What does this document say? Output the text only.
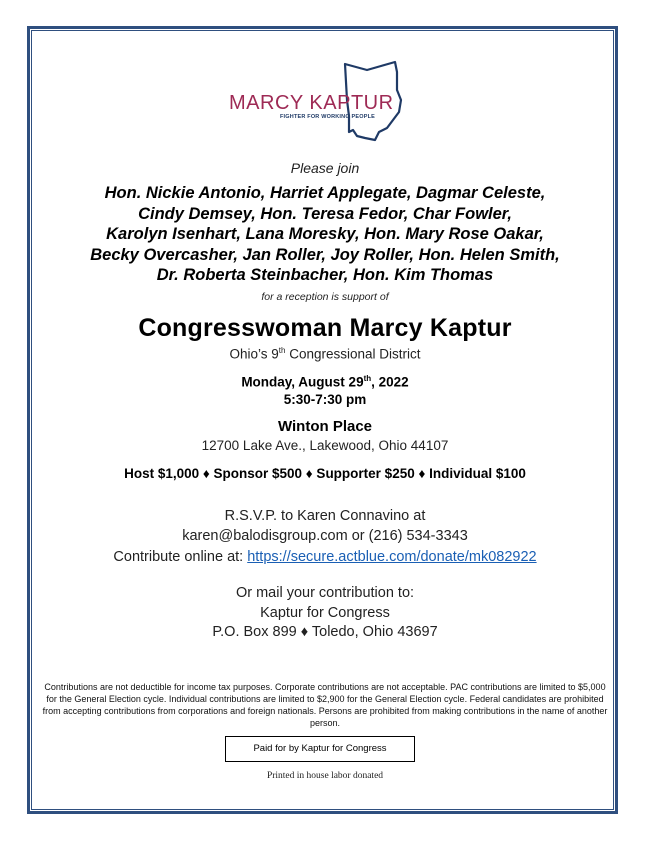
MARCY KAPTUR

FIGHTER FOR WORKING PEOPLE

Please join

Hon. Nickie Antonio, Harriet Applegate, Dagmar Celeste,
Cindy Demsey, Hon. Teresa Fedor, Char Fowler,
Karolyn Isenhart, Lana Moresky, Hon. Mary Rose Oakar,
Becky Overcasher, Jan Roller, Joy Roller, Hon. Helen Smith,
Dr. Roberta Steinbacher, Hon. Kim Thomas

for a reception is support of

Congresswoman Marcy Kaptur

Ohio’s 9th Congressional District

Monday, August 29th, 2022
5:30-7:30 pm

Winton Place

12700 Lake Ave., Lakewood, Ohio 44107

Host $1,000 ♦ Sponsor $500 ♦ Supporter $250 ♦ Individual $100

R.S.V.P. to Karen Connavino at
karen@balodisgroup.com or (216) 534-3343

Contribute online at: https://secure.actblue.com/donate/mk082922

Or mail your contribution to:
Kaptur for Congress
P.O. Box 899 ♦ Toledo, Ohio 43697

Contributions are not deductible for income tax purposes. Corporate contributions are not acceptable. PAC contributions are limited to $5,000 for the General Election cycle. Individual contributions are limited to $2,900 for the General Election cycle. Federal candidates are prohibited from accepting contributions from corporations and foreign nationals. Persons are prohibited from making contributions in the name of another person.

Paid for by Kaptur for Congress

Printed in house labor donated
